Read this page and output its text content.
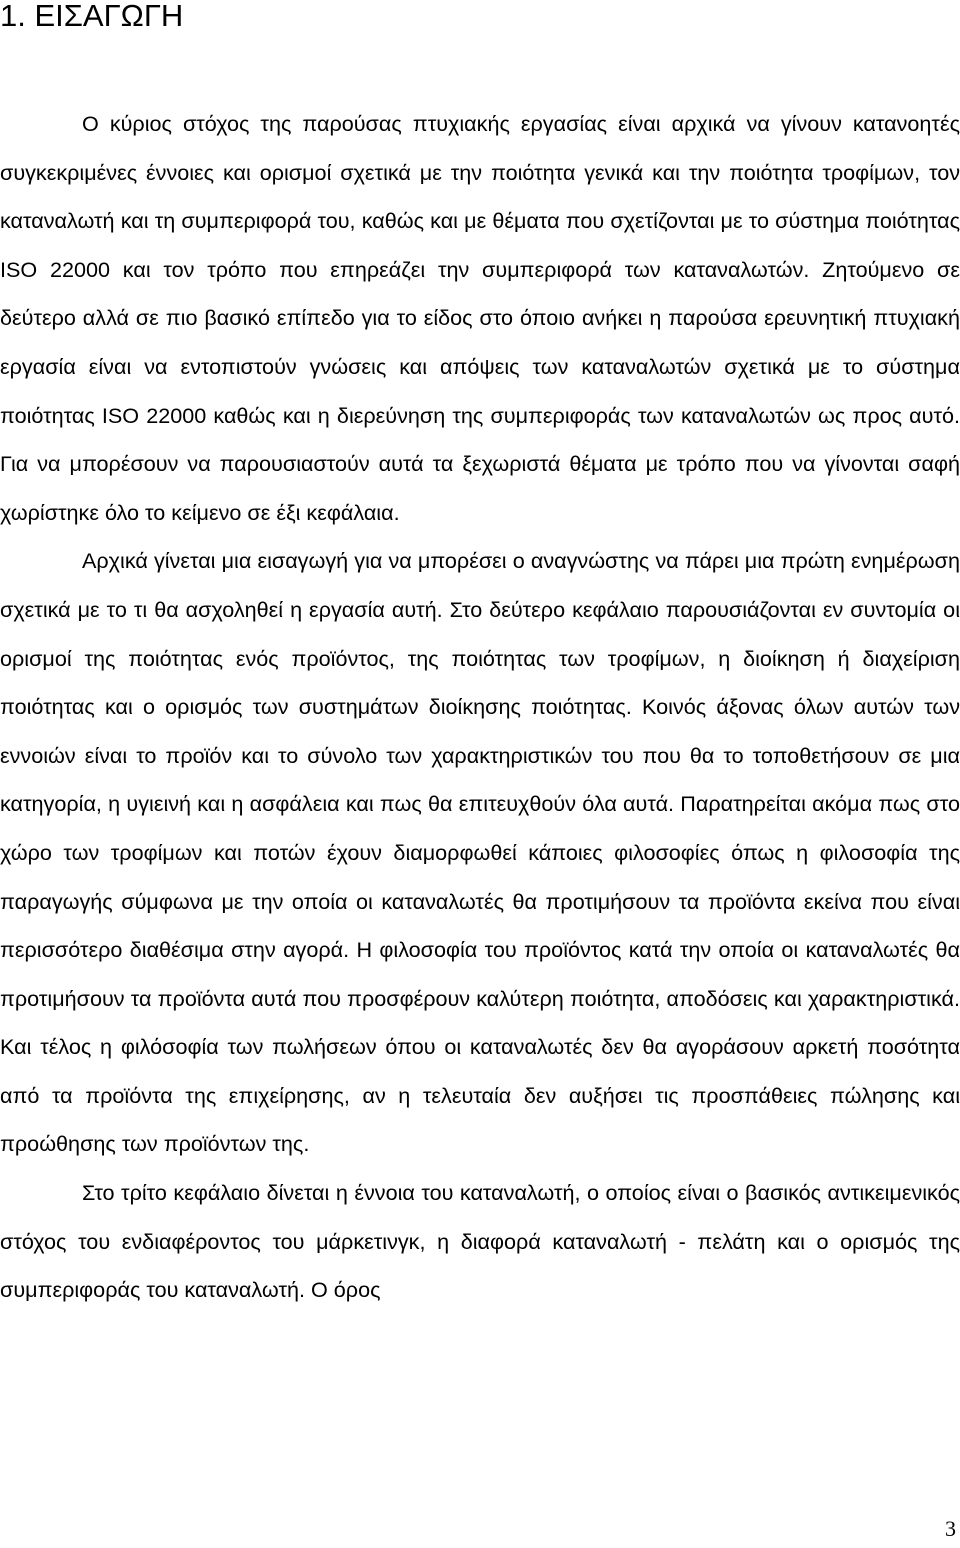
1. ΕΙΣΑΓΩΓΗ

Ο κύριος στόχος της παρούσας πτυχιακής εργασίας είναι αρχικά να γίνουν κατανοητές συγκεκριμένες έννοιες και ορισμοί σχετικά με την ποιότητα γενικά και την ποιότητα τροφίμων, τον καταναλωτή και τη συμπεριφορά του, καθώς και με θέματα που σχετίζονται με το σύστημα ποιότητας ISO 22000 και τον τρόπο που επηρεάζει την συμπεριφορά των καταναλωτών. Ζητούμενο σε δεύτερο αλλά σε πιο βασικό επίπεδο για το είδος στο όποιο ανήκει η παρούσα ερευνητική πτυχιακή εργασία είναι να εντοπιστούν γνώσεις και απόψεις των καταναλωτών σχετικά με το σύστημα ποιότητας ISO 22000 καθώς και η διερεύνηση της συμπεριφοράς των καταναλωτών ως προς αυτό. Για να μπορέσουν να παρουσιαστούν αυτά τα ξεχωριστά θέματα με τρόπο που να γίνονται σαφή χωρίστηκε όλο το κείμενο σε έξι κεφάλαια.

Αρχικά γίνεται μια εισαγωγή για να μπορέσει ο αναγνώστης να πάρει μια πρώτη ενημέρωση σχετικά με το τι θα ασχοληθεί η εργασία αυτή. Στο δεύτερο κεφάλαιο παρουσιάζονται εν συντομία οι ορισμοί της ποιότητας ενός προϊόντος, της ποιότητας των τροφίμων, η διοίκηση ή διαχείριση ποιότητας και ο ορισμός των συστημάτων διοίκησης ποιότητας. Κοινός άξονας όλων αυτών των εννοιών είναι το προϊόν και το σύνολο των χαρακτηριστικών του που θα το τοποθετήσουν σε μια κατηγορία, η υγιεινή και η ασφάλεια και πως θα επιτευχθούν όλα αυτά. Παρατηρείται ακόμα πως στο χώρο των τροφίμων και ποτών έχουν διαμορφωθεί κάποιες φιλοσοφίες όπως η φιλοσοφία της παραγωγής σύμφωνα με την οποία οι καταναλωτές θα προτιμήσουν τα προϊόντα εκείνα που είναι περισσότερο διαθέσιμα στην αγορά. Η φιλοσοφία του προϊόντος κατά την οποία οι καταναλωτές θα προτιμήσουν τα προϊόντα αυτά που προσφέρουν καλύτερη ποιότητα, αποδόσεις και χαρακτηριστικά. Και τέλος η φιλόσοφία των πωλήσεων όπου οι καταναλωτές δεν θα αγοράσουν αρκετή ποσότητα από τα προϊόντα της επιχείρησης, αν η τελευταία δεν αυξήσει τις προσπάθειες πώλησης και προώθησης των προϊόντων της.

Στο τρίτο κεφάλαιο δίνεται η έννοια του καταναλωτή, ο οποίος είναι ο βασικός αντικειμενικός στόχος του ενδιαφέροντος του μάρκετινγκ, η διαφορά καταναλωτή - πελάτη και ο ορισμός της συμπεριφοράς του καταναλωτή. Ο όρος

3
